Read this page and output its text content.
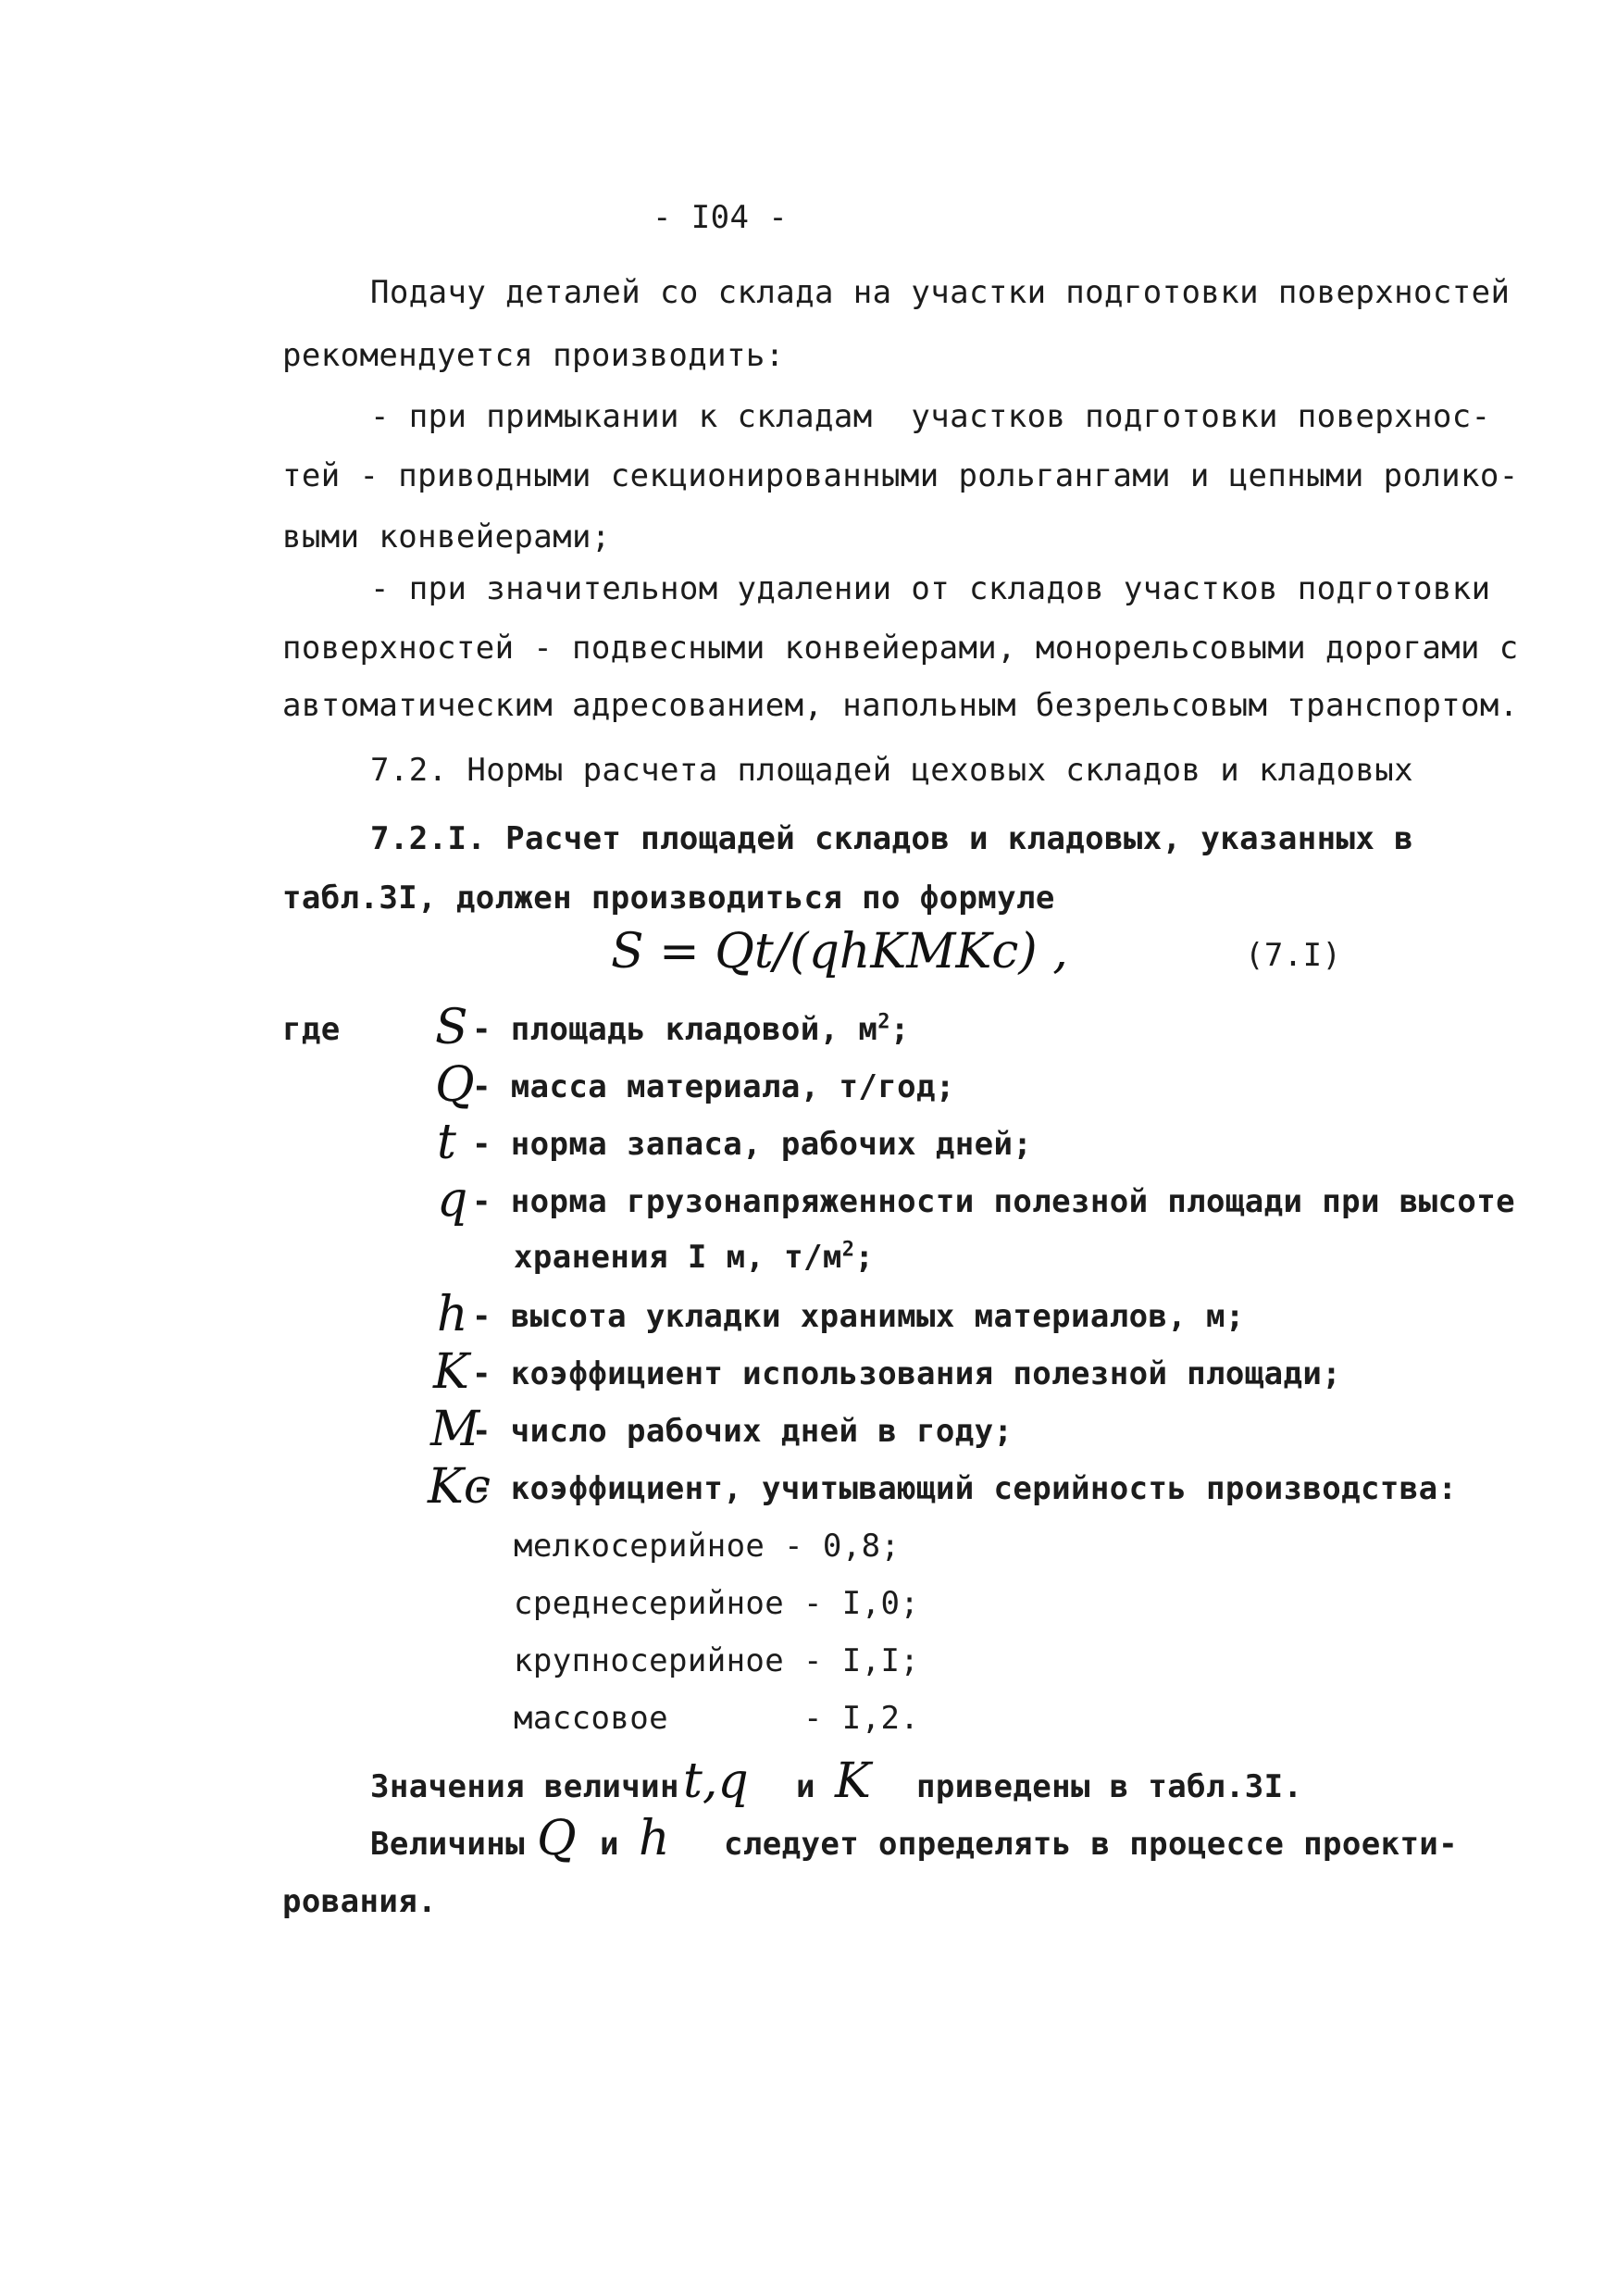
- I04 -
Подачу деталей со склада на участки подготовки поверхностей
рекомендуется производить:
- при примыкании к складам  участков подготовки поверхнос-
тей - приводными секционированными рольгангами и цепными ролико-
выми конвейерами;
- при значительном удалении от складов участков подготовки
поверхностей - подвесными конвейерами, монорельсовыми дорогами с
автоматическим адресованием, напольным безрельсовым транспортом.
7.2. Нормы расчета площадей цеховых складов и кладовых
7.2.I. Расчет площадей складов и кладовых, указанных в
табл.3I, должен производиться по формуле
S = Qt/(qhKMKc) ,	(7.I)
где S - площадь кладовой, $м^2$;
Q
- масса материала, т/год;
t - норма запаса, рабочих дней;
q - норма грузонапряженности полезной площади при высоте
хранения I м, $т/м^2$;
h - высота укладки хранимых материалов, м;
K - коэффициент использования полезной площади;
M
- число рабочих дней в году;
Kc
- коэффициент, учитывающий серийность производства:
мелкосерийное - 0,8;
среднесерийное - I,0;
крупносерийное - I,I;
массовое       - I,2.
Значения величин t,q и K приведены в табл.3I.
Величины Q и h следует определять в процессе проекти-
рования.
